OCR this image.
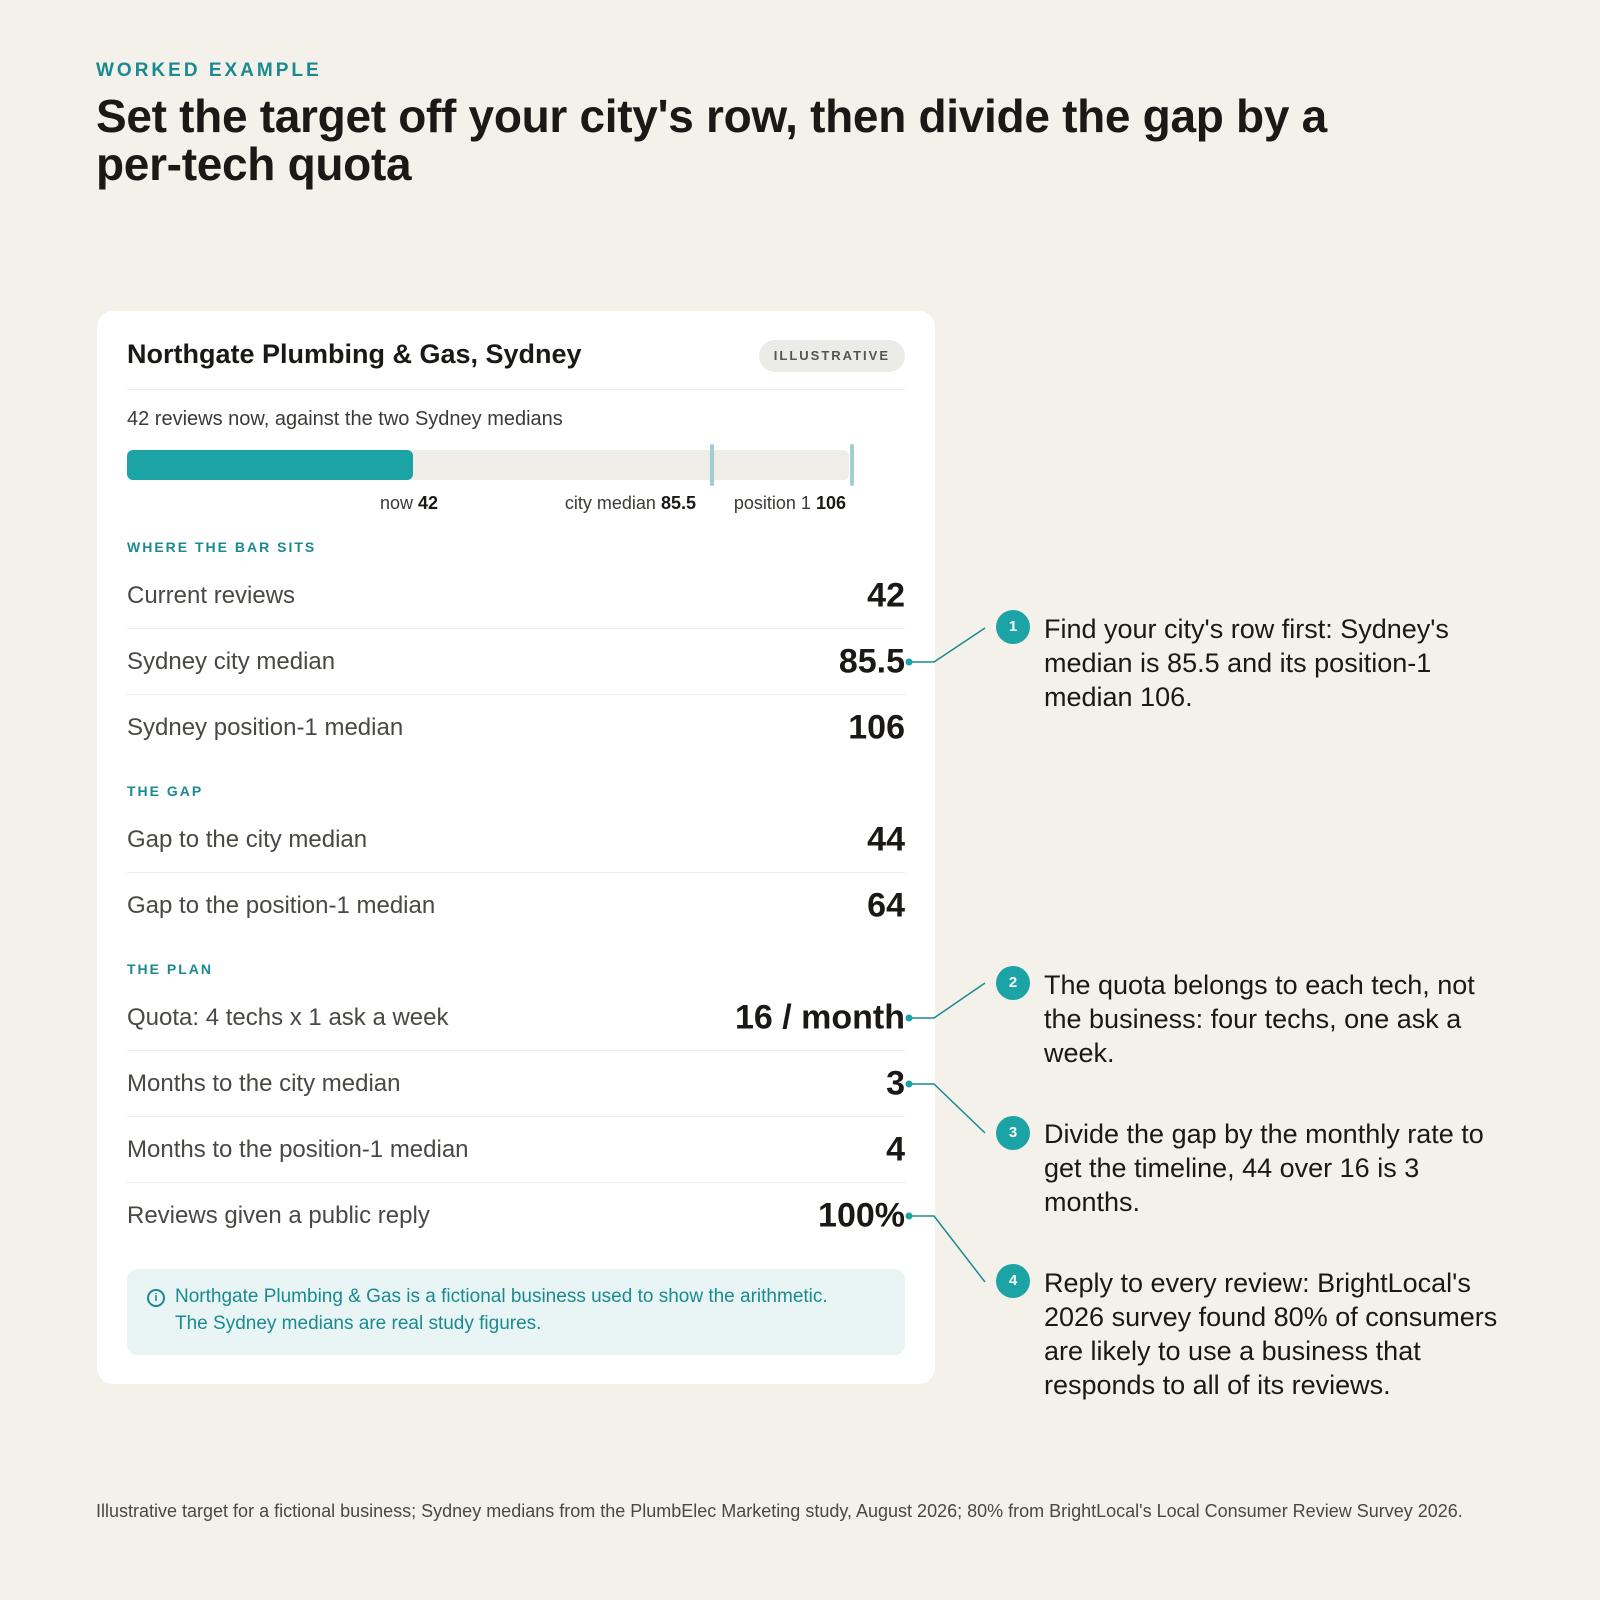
WORKED EXAMPLE
Set the target off your city's row, then divide the gap by a per-tech quota
Northgate Plumbing & Gas, Sydney	ILLUSTRATIVE
42 reviews now, against the two Sydney medians
now 42	city median 85.5 position 1 106
WHERE THE BAR SITS
Current reviews	42
Sydney city median	85.5
Sydney position-1 median	106
THE GAP
Gap to the city median	44
Gap to the position-1 median	64
THE PLAN
Quota: 4 techs x 1 ask a week	16 / month
Months to the city median	3
Months to the position-1 median	4
Reviews given a public reply	100%
i Northgate Plumbing & Gas is a fictional business used to show the arithmetic. The Sydney medians are real study figures.
1 Find your city's row first: Sydney's median is 85.5 and its position-1 median 106.
2 The quota belongs to each tech, not the business: four techs, one ask a week.
3 Divide the gap by the monthly rate to get the timeline, 44 over 16 is 3 months.
4 Reply to every review: BrightLocal's 2026 survey found 80% of consumers are likely to use a business that responds to all of its reviews.
Illustrative target for a fictional business; Sydney medians from the PlumbElec Marketing study, August 2026; 80% from BrightLocal's Local Consumer Review Survey 2026.
